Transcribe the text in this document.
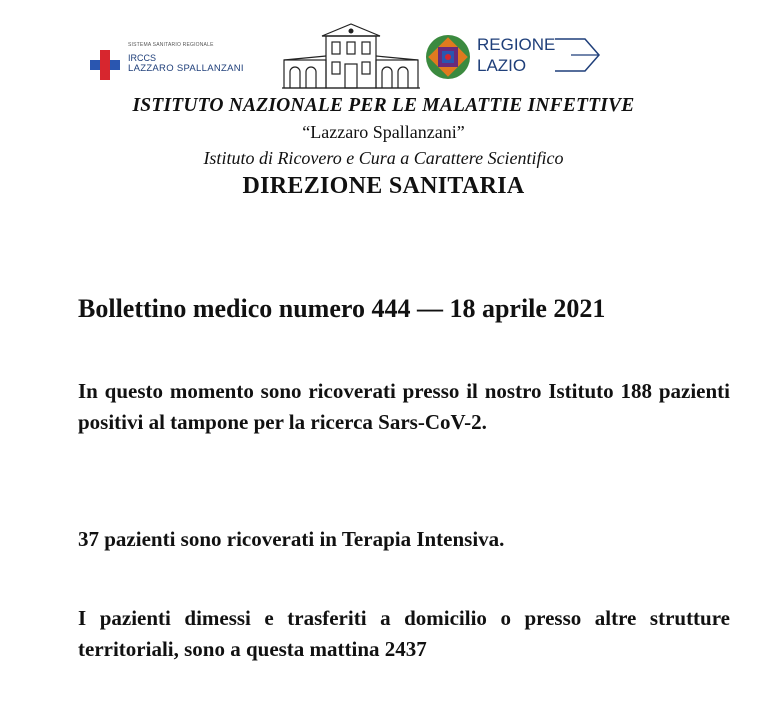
SISTEMA SANITARIO REGIONALE
IRCCS
LAZZARO SPALLANZANI
REGIONE
LAZIO
ISTITUTO NAZIONALE PER LE MALATTIE INFETTIVE
“Lazzaro Spallanzani”
Istituto di Ricovero e Cura a Carattere Scientifico
DIREZIONE SANITARIA
Bollettino medico numero 444 — 18 aprile 2021
In questo momento sono ricoverati presso il nostro Istituto 188 pazienti positivi al tampone per la ricerca Sars-CoV-2.
37 pazienti sono ricoverati in Terapia Intensiva.
I pazienti dimessi e trasferiti a domicilio o presso altre strutture territoriali, sono a questa mattina 2437
